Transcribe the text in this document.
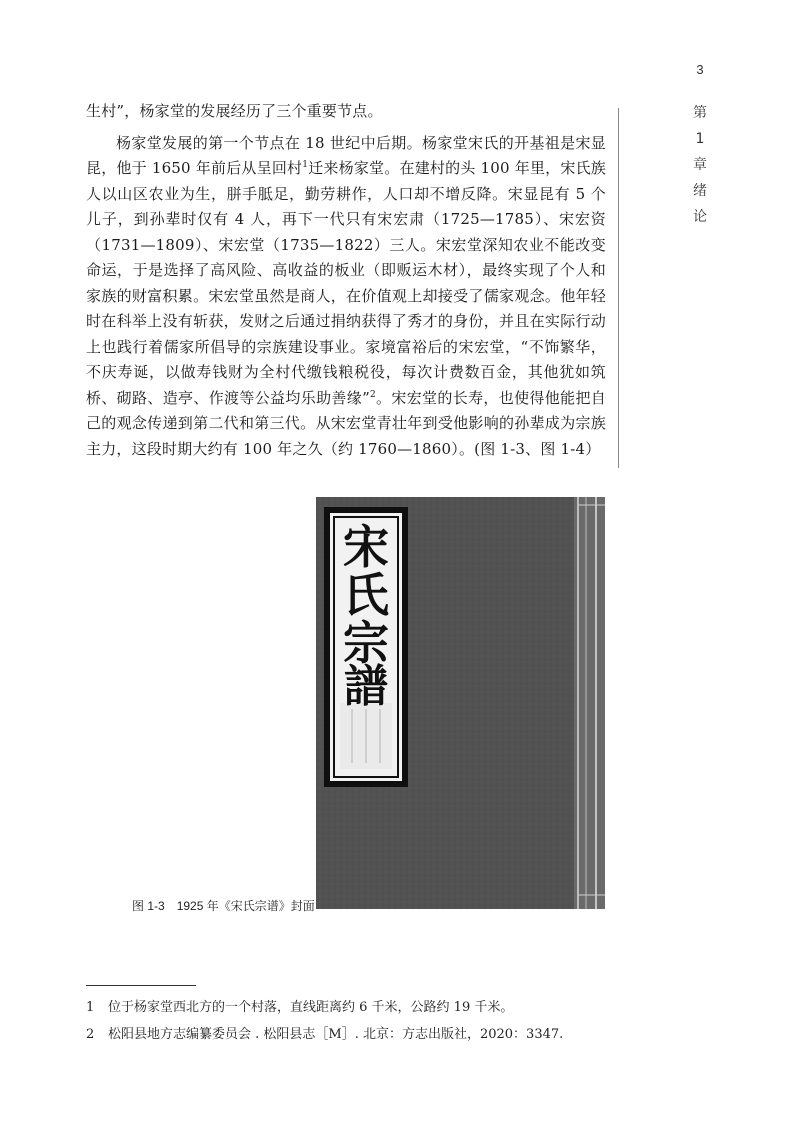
3
第
1
章
绪
论

生村”，杨家堂的发展经历了三个重要节点。

杨家堂发展的第一个节点在 18 世纪中后期。杨家堂宋氏的开基祖是宋显昆，他于 1650 年前后从呈回村$^1$迁来杨家堂。在建村的头 100 年里，宋氏族人以山区农业为生，胼手胝足，勤劳耕作，人口却不增反降。宋显昆有 5 个儿子，到孙辈时仅有 4 人，再下一代只有宋宏肃（1725—1785）、宋宏资（1731—1809）、宋宏堂（1735—1822）三人。宋宏堂深知农业不能改变命运，于是选择了高风险、高收益的板业（即贩运木材），最终实现了个人和家族的财富积累。宋宏堂虽然是商人，在价值观上却接受了儒家观念。他年轻时在科举上没有斩获，发财之后通过捐纳获得了秀才的身份，并且在实际行动上也践行着儒家所倡导的宗族建设事业。家境富裕后的宋宏堂，“不饰繁华，不庆寿诞，以做寿钱财为全村代缴钱粮税役，每次计费数百金，其他犹如筑桥、砌路、造亭、作渡等公益均乐助善缘”$^2$。宋宏堂的长寿，也使得他能把自己的观念传递到第二代和第三代。从宋宏堂青壮年到受他影响的孙辈成为宗族主力，这段时期大约有 100 年之久（约 1760—1860）。(图 1-3、图 1-4）

宋
氏
宗
譜
图 1-3 1925 年《宋氏宗谱》封面
1	位于杨家堂西北方的一个村落，直线距离约 6 千米，公路约 19 千米。
2	松阳县地方志编纂委员会 . 松阳县志［M］. 北京：方志出版社，2020：3347.
